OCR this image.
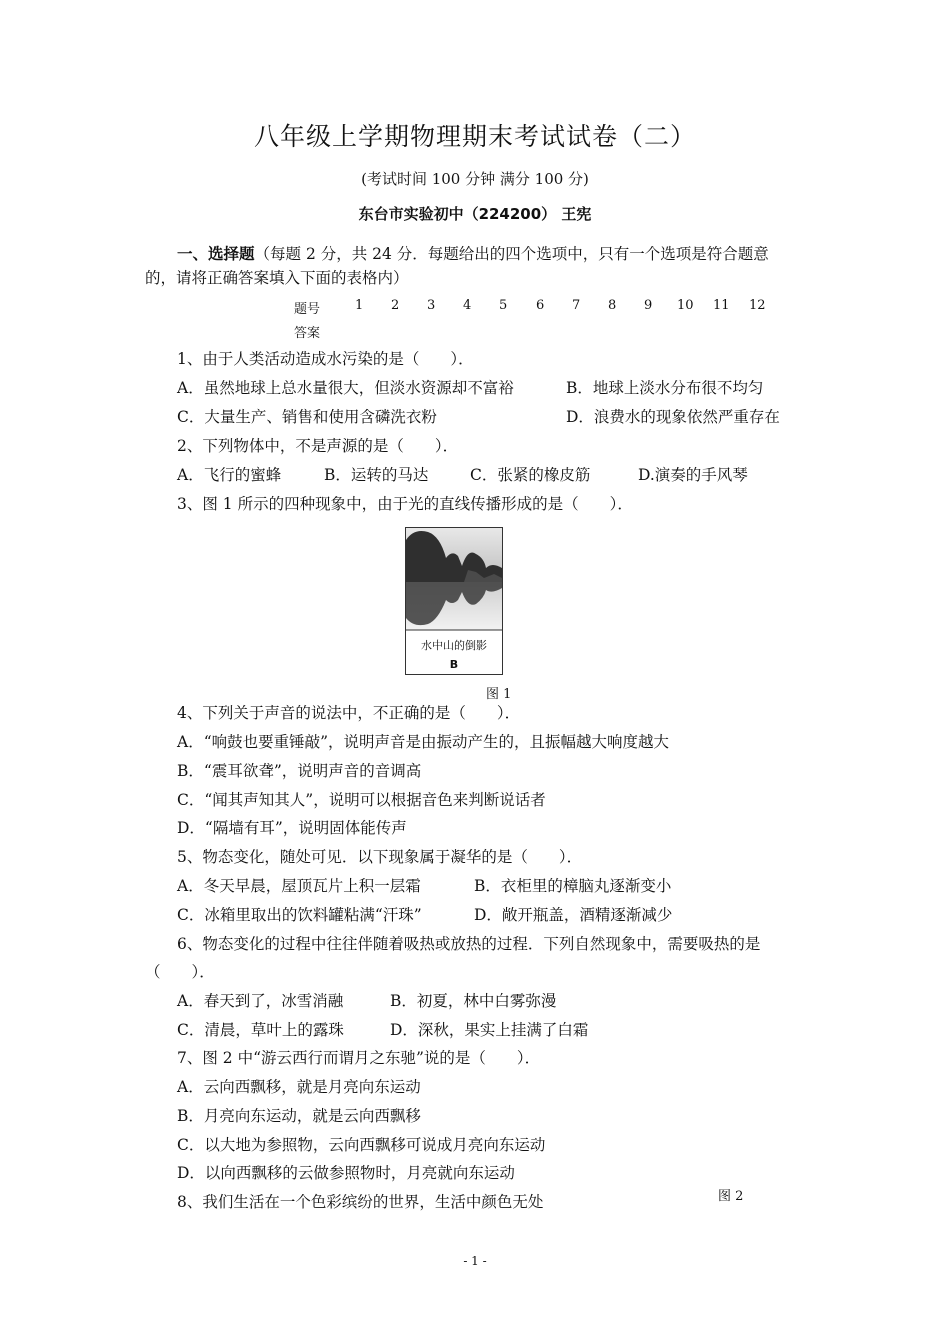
八年级上学期物理期末考试试卷（二）
(考试时间 100 分钟 满分 100 分)
东台市实验初中（224200） 王宪
一、选择题（每题 2 分，共 24 分．每题给出的四个选项中，只有一个选项是符合题意
的，请将正确答案填入下面的表格内）
题号	1 2 3 4 5 6 7 8 9 10 11 12
答案
1、由于人类活动造成水污染的是（　　）．
A．虽然地球上总水量很大，但淡水资源却不富裕	B．地球上淡水分布很不均匀
C．大量生产、销售和使用含磷洗衣粉	D．浪费水的现象依然严重存在
2、下列物体中，不是声源的是（　　）．
A．飞行的蜜蜂	B．运转的马达	C．张紧的橡皮筋	D.演奏的手风琴
3、图 1 所示的四种现象中，由于光的直线传播形成的是（　　）．
水中山的倒影
B
图 1
4、下列关于声音的说法中，不正确的是（　　）．
A．“响鼓也要重锤敲”，说明声音是由振动产生的，且振幅越大响度越大
B．“震耳欲聋”，说明声音的音调高
C．“闻其声知其人”，说明可以根据音色来判断说话者
D．“隔墙有耳”，说明固体能传声
5、物态变化，随处可见．以下现象属于凝华的是（　　）．
A．冬天早晨，屋顶瓦片上积一层霜	B．衣柜里的樟脑丸逐渐变小
C．冰箱里取出的饮料罐粘满“汗珠”	D．敞开瓶盖，酒精逐渐减少
6、物态变化的过程中往往伴随着吸热或放热的过程．下列自然现象中，需要吸热的是
（　　）．
A．春天到了，冰雪消融	B．初夏，林中白雾弥漫
C．清晨，草叶上的露珠	D．深秋，果实上挂满了白霜
7、图 2 中“游云西行而谓月之东驰”说的是（　　）．
A．云向西飘移，就是月亮向东运动
B．月亮向东运动，就是云向西飘移
C．以大地为参照物，云向西飘移可说成月亮向东运动
D．以向西飘移的云做参照物时，月亮就向东运动
图 2
8、我们生活在一个色彩缤纷的世界，生活中颜色无处
- 1 -
